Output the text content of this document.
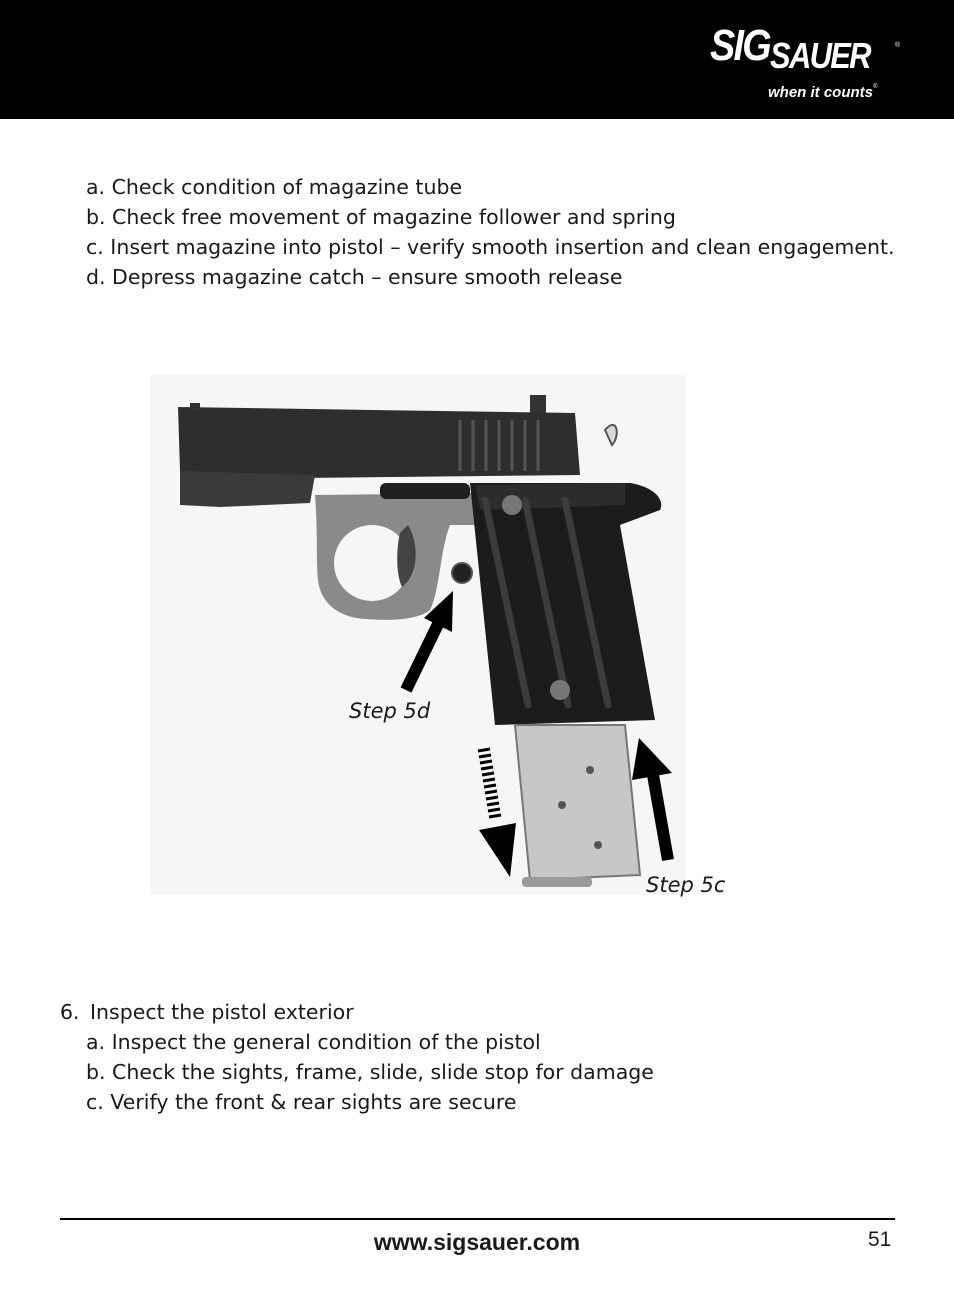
SIGSAUER	®
when it counts®
a. Check condition of magazine tube
b. Check free movement of magazine follower and spring
c. Insert magazine into pistol – verify smooth insertion and clean engagement.
d. Depress magazine catch – ensure smooth release
Step 5d
Step 5c
6. Inspect the pistol exterior
a. Inspect the general condition of the pistol
b. Check the sights, frame, slide, slide stop for damage
c. Verify the front & rear sights are secure
www.sigsauer.com	51
